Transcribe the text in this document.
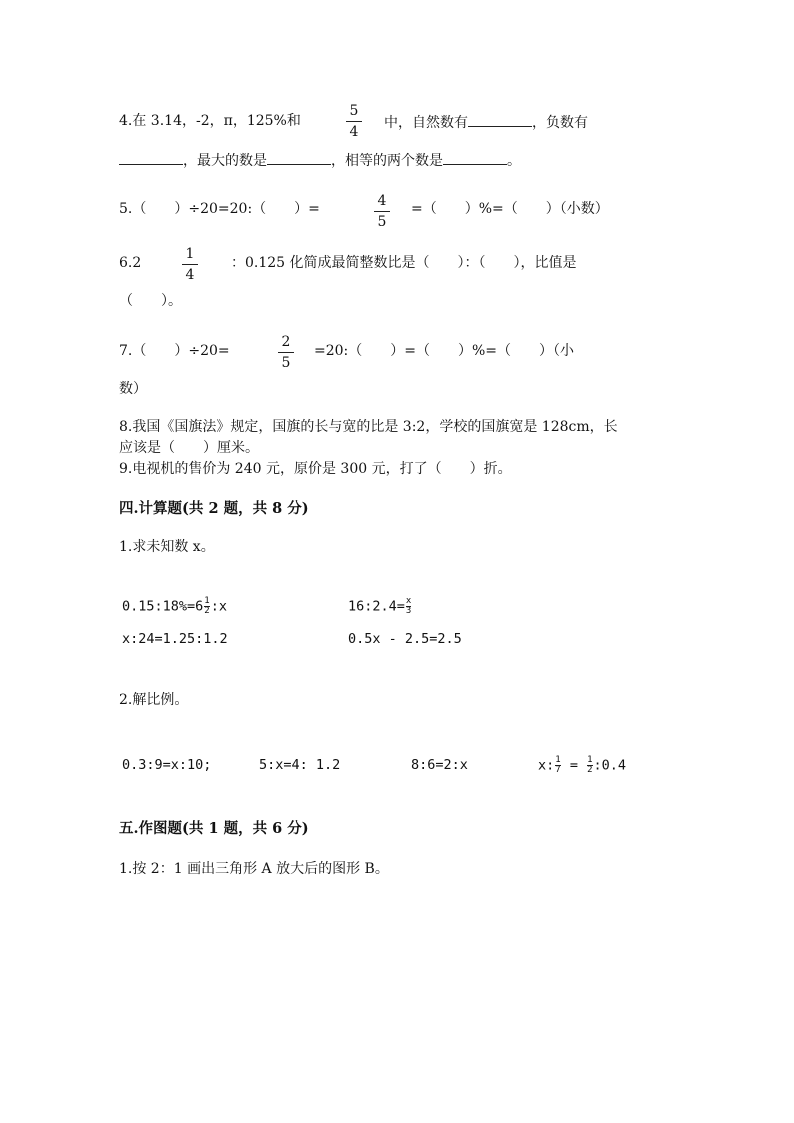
4.在 3.14，-2，π，125%和
5
4
中，自然数有	，负数有
，最大的数是	，相等的两个数是	。
5.（　　）÷20=20:（　　）=	4
5
=（　　）%=（　　）（小数）
6.2
1
4
：0.125 化简成最简整数比是（　　）：（　　），比值是
（　　）。
7.（　　）÷20=
2
5
=20:（　　）=（　　）%=（　　）（小
数）
8.我国《国旗法》规定，国旗的长与宽的比是 3:2，学校的国旗宽是 128cm，长
应该是（　　）厘米。
9.电视机的售价为 240 元，原价是 300 元，打了（　　）折。
四.计算题(共 2 题，共 8 分)
1.求未知数 x。
$0.15:18\%=6\frac{1}{2}:x$	$16:2.4=\frac{x}{3}$
x:24=1.25:1.2	0.5x - 2.5=2.5
2.解比例。
0.3:9=x:10;	5:x=4: 1.2	8:6=2:x	$x:\frac{1}{7}$ = $\frac{1}{2}:0.4$
五.作图题(共 1 题，共 6 分)
1.按 2：1 画出三角形 A 放大后的图形 B。
